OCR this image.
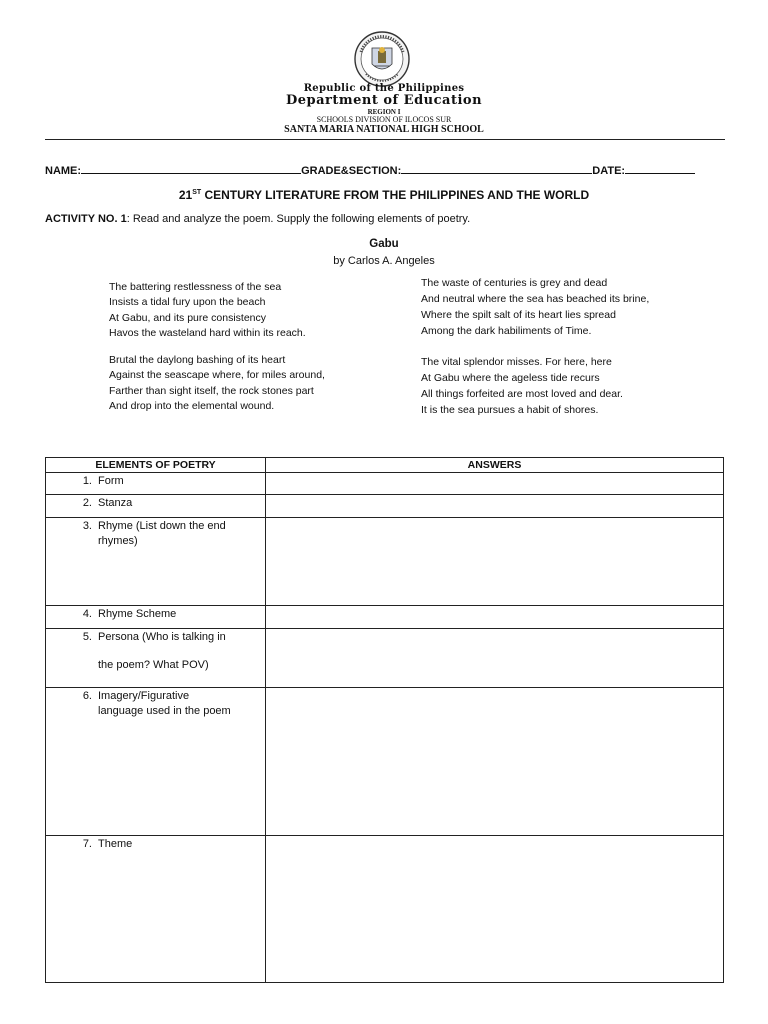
Republic of the Philippines
Department of Education
REGION I
SCHOOLS DIVISION OF ILOCOS SUR
SANTA MARIA NATIONAL HIGH SCHOOL
NAME:	GRADE&SECTION:	DATE:
21ST CENTURY LITERATURE FROM THE PHILIPPINES AND THE WORLD
ACTIVITY NO. 1: Read and analyze the poem. Supply the following elements of poetry.
Gabu
by Carlos A. Angeles
The battering restlessness of the sea
Insists a tidal fury upon the beach
At Gabu, and its pure consistency
Havos the wasteland hard within its reach.
Brutal the daylong bashing of its heart
Against the seascape where, for miles around,
Farther than sight itself, the rock stones part
And drop into the elemental wound.
The waste of centuries is grey and dead
And neutral where the sea has beached its brine,
Where the spilt salt of its heart lies spread
Among the dark habiliments of Time.
The vital splendor misses. For here, here
At Gabu where the ageless tide recurs
All things forfeited are most loved and dear.
It is the sea pursues a habit of shores.
ELEMENTS OF POETRY	ANSWERS

1. Form	

2. Stanza	

3. Rhyme (List down the end
rhymes)	

4. Rhyme Scheme	

5. Persona (Who is talking in
the poem? What POV)	

6. Imagery/Figurative
language used in the poem	

7. Theme	
